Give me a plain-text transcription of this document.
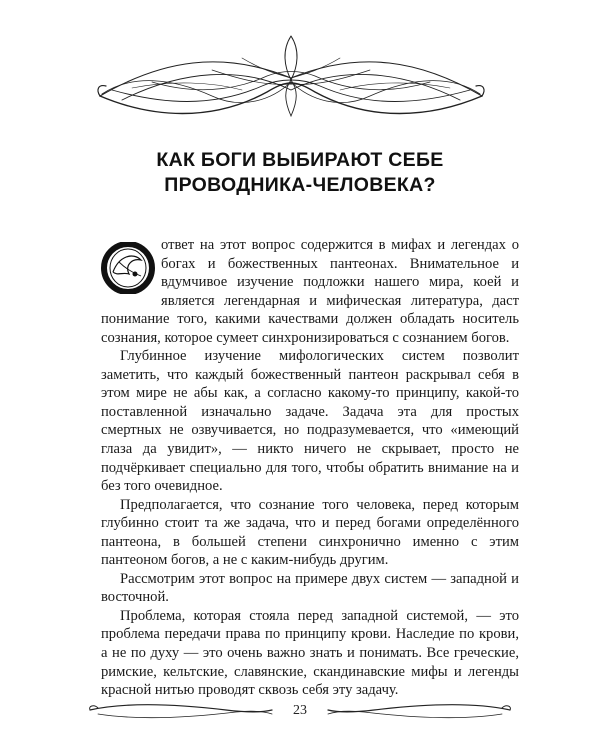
КАК БОГИ ВЫБИРАЮТ СЕБЕ
ПРОВОДНИКА-ЧЕЛОВЕКА?

ответ на этот вопрос содержится в мифах и легендах о богах и божественных пантеонах. Внимательное и вдумчивое изучение подложки нашего мира, коей и является легендарная и мифическая литература, даст понимание того, какими качествами должен обладать носитель сознания, которое сумеет синхронизироваться с сознанием богов.

Глубинное изучение мифологических систем позволит заметить, что каждый божественный пантеон раскрывал себя в этом мире не абы как, а согласно какому-то принципу, какой-то поставленной изначально задаче. Задача эта для простых смертных не озвучивается, но подразумевается, что «имеющий глаза да увидит», — никто ничего не скрывает, просто не подчёркивает специально для того, чтобы обратить внимание на и без того очевидное.

Предполагается, что сознание того человека, перед которым глубинно стоит та же задача, что и перед богами определённого пантеона, в большей степени синхронично именно с этим пантеоном богов, а не с каким-нибудь другим.

Рассмотрим этот вопрос на примере двух систем — западной и восточной.

Проблема, которая стояла перед западной системой, — это проблема передачи права по принципу крови. Наследие по крови, а не по духу — это очень важно знать и понимать. Все греческие, римские, кельтские, славянские, скандинавские мифы и легенды красной нитью проводят сквозь себя эту задачу.

23
